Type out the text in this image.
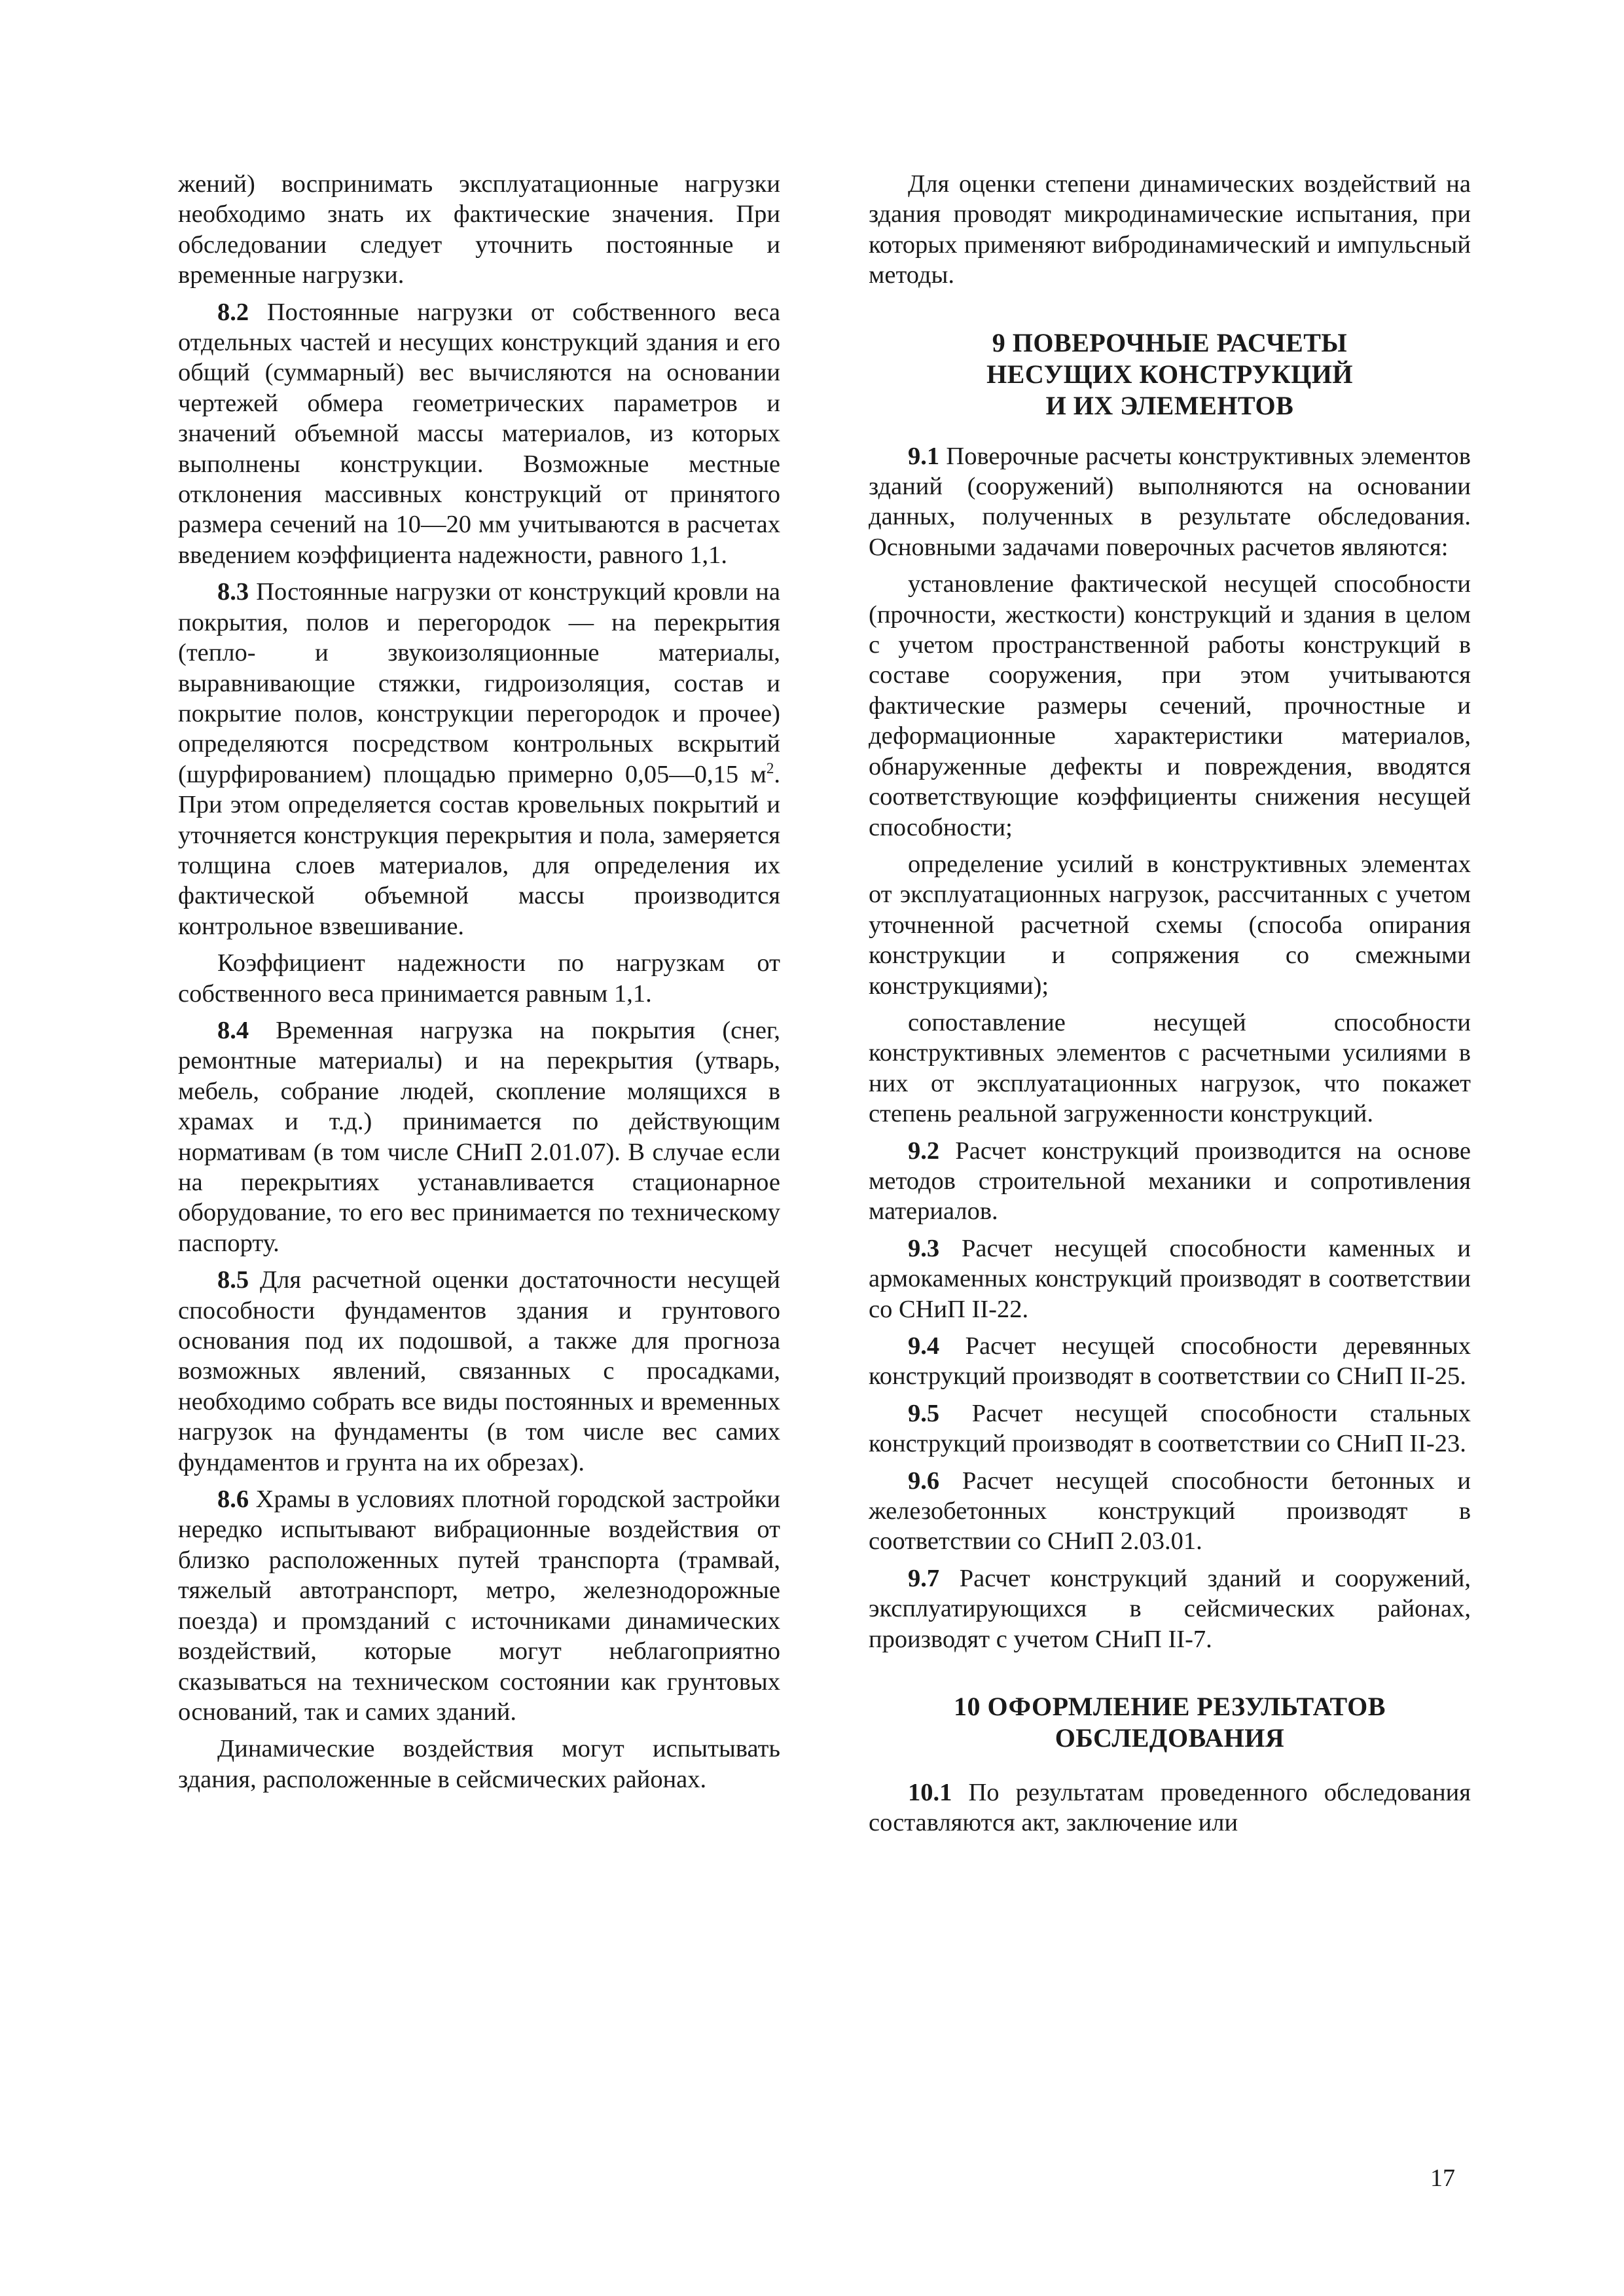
жений) воспринимать эксплуатационные нагрузки необходимо знать их фактические значения. При обследовании следует уточнить постоянные и временные нагрузки.

8.2 Постоянные нагрузки от собственного веса отдельных частей и несущих конструкций здания и его общий (суммарный) вес вычисляются на основании чертежей обмера геометрических параметров и значений объемной массы материалов, из которых выполнены конструкции. Возможные местные отклонения массивных конструкций от принятого размера сечений на 10—20 мм учитываются в расчетах введением коэффициента надежности, равного 1,1.

8.3 Постоянные нагрузки от конструкций кровли на покрытия, полов и перегородок — на перекрытия (тепло- и звукоизоляционные материалы, выравнивающие стяжки, гидроизоляция, состав и покрытие полов, конструкции перегородок и прочее) определяются посредством контрольных вскрытий (шурфированием) площадью примерно 0,05—0,15 $м^2$. При этом определяется состав кровельных покрытий и уточняется конструкция перекрытия и пола, замеряется толщина слоев материалов, для определения их фактической объемной массы производится контрольное взвешивание.

Коэффициент надежности по нагрузкам от собственного веса принимается равным 1,1.

8.4 Временная нагрузка на покрытия (снег, ремонтные материалы) и на перекрытия (утварь, мебель, собрание людей, скопление молящихся в храмах и т.д.) принимается по действующим нормативам (в том числе СНиП 2.01.07). В случае если на перекрытиях устанавливается стационарное оборудование, то его вес принимается по техническому паспорту.

8.5 Для расчетной оценки достаточности несущей способности фундаментов здания и грунтового основания под их подошвой, а также для прогноза возможных явлений, связанных с просадками, необходимо собрать все виды постоянных и временных нагрузок на фундаменты (в том числе вес самих фундаментов и грунта на их обрезах).

8.6 Храмы в условиях плотной городской застройки нередко испытывают вибрационные воздействия от близко расположенных путей транспорта (трамвай, тяжелый автотранспорт, метро, железнодорожные поезда) и промзданий с источниками динамических воздействий, которые могут неблагоприятно сказываться на техническом состоянии как грунтовых оснований, так и самих зданий.

Динамические воздействия могут испытывать здания, расположенные в сейсмических районах.

Для оценки степени динамических воздействий на здания проводят микродинамические испытания, при которых применяют вибродинамический и импульсный методы.

9 ПОВЕРОЧНЫЕ РАСЧЕТЫ
НЕСУЩИХ КОНСТРУКЦИЙ
И ИХ ЭЛЕМЕНТОВ

9.1 Поверочные расчеты конструктивных элементов зданий (сооружений) выполняются на основании данных, полученных в результате обследования. Основными задачами поверочных расчетов являются:

установление фактической несущей способности (прочности, жесткости) конструкций и здания в целом с учетом пространственной работы конструкций в составе сооружения, при этом учитываются фактические размеры сечений, прочностные и деформационные характеристики материалов, обнаруженные дефекты и повреждения, вводятся соответствующие коэффициенты снижения несущей способности;

определение усилий в конструктивных элементах от эксплуатационных нагрузок, рассчитанных с учетом уточненной расчетной схемы (способа опирания конструкции и сопряжения со смежными конструкциями);

сопоставление несущей способности конструктивных элементов с расчетными усилиями в них от эксплуатационных нагрузок, что покажет степень реальной загруженности конструкций.

9.2 Расчет конструкций производится на основе методов строительной механики и сопротивления материалов.

9.3 Расчет несущей способности каменных и армокаменных конструкций производят в соответствии со СНиП II-22.

9.4 Расчет несущей способности деревянных конструкций производят в соответствии со СНиП II-25.

9.5 Расчет несущей способности стальных конструкций производят в соответствии со СНиП II-23.

9.6 Расчет несущей способности бетонных и железобетонных конструкций производят в соответствии со СНиП 2.03.01.

9.7 Расчет конструкций зданий и сооружений, эксплуатирующихся в сейсмических районах, производят с учетом СНиП II-7.

10 ОФОРМЛЕНИЕ РЕЗУЛЬТАТОВ
ОБСЛЕДОВАНИЯ

10.1 По результатам проведенного обследования составляются акт, заключение или

17
